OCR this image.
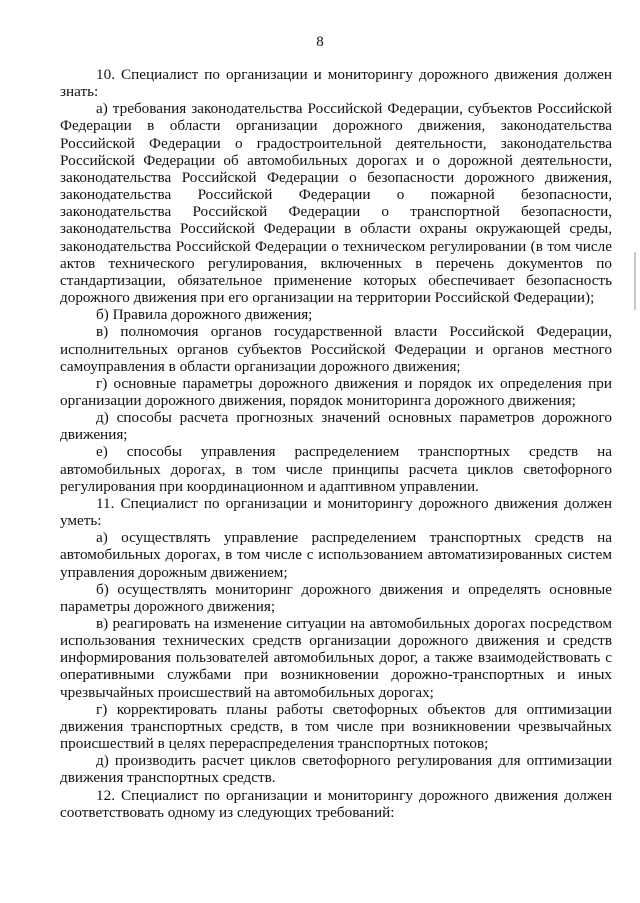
8

10. Специалист по организации и мониторингу дорожного движения должен знать:

а) требования законодательства Российской Федерации, субъектов Российской Федерации в области организации дорожного движения, законодательства Российской Федерации о градостроительной деятельности, законодательства Российской Федерации об автомобильных дорогах и о дорожной деятельности, законодательства Российской Федерации о безопасности дорожного движения, законодательства Российской Федерации о пожарной безопасности, законодательства Российской Федерации о транспортной безопасности, законодательства Российской Федерации в области охраны окружающей среды, законодательства Российской Федерации о техническом регулировании (в том числе актов технического регулирования, включенных в перечень документов по стандартизации, обязательное применение которых обеспечивает безопасность дорожного движения при его организации на территории Российской Федерации);

б) Правила дорожного движения;

в) полномочия органов государственной власти Российской Федерации, исполнительных органов субъектов Российской Федерации и органов местного самоуправления в области организации дорожного движения;

г) основные параметры дорожного движения и порядок их определения при организации дорожного движения, порядок мониторинга дорожного движения;

д) способы расчета прогнозных значений основных параметров дорожного движения;

е) способы управления распределением транспортных средств на автомобильных дорогах, в том числе принципы расчета циклов светофорного регулирования при координационном и адаптивном управлении.

11. Специалист по организации и мониторингу дорожного движения должен уметь:

а) осуществлять управление распределением транспортных средств на автомобильных дорогах, в том числе с использованием автоматизированных систем управления дорожным движением;

б) осуществлять мониторинг дорожного движения и определять основные параметры дорожного движения;

в) реагировать на изменение ситуации на автомобильных дорогах посредством использования технических средств организации дорожного движения и средств информирования пользователей автомобильных дорог, а также взаимодействовать с оперативными службами при возникновении дорожно-транспортных и иных чрезвычайных происшествий на автомобильных дорогах;

г) корректировать планы работы светофорных объектов для оптимизации движения транспортных средств, в том числе при возникновении чрезвычайных происшествий в целях перераспределения транспортных потоков;

д) производить расчет циклов светофорного регулирования для оптимизации движения транспортных средств.

12. Специалист по организации и мониторингу дорожного движения должен соответствовать одному из следующих требований:
